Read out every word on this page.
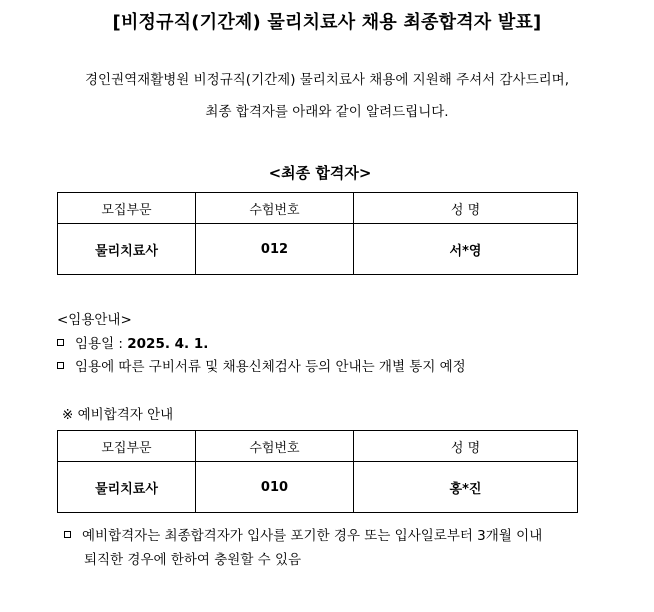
[비정규직(기간제) 물리치료사 채용 최종합격자 발표]
경인권역재활병원 비정규직(기간제) 물리치료사 채용에 지원해 주셔서 감사드리며,
최종 합격자를 아래와 같이 알려드립니다.
<최종 합격자>
모집부문	수험번호	성 명
물리치료사	012	서*영
<임용안내>
임용일 : 2025. 4. 1.
임용에 따른 구비서류 및 채용신체검사 등의 안내는 개별 통지 예정
※ 예비합격자 안내
모집부문	수험번호	성 명
물리치료사	010	홍*진
예비합격자는 최종합격자가 입사를 포기한 경우 또는 입사일로부터 3개월 이내
퇴직한 경우에 한하여 충원할 수 있음
